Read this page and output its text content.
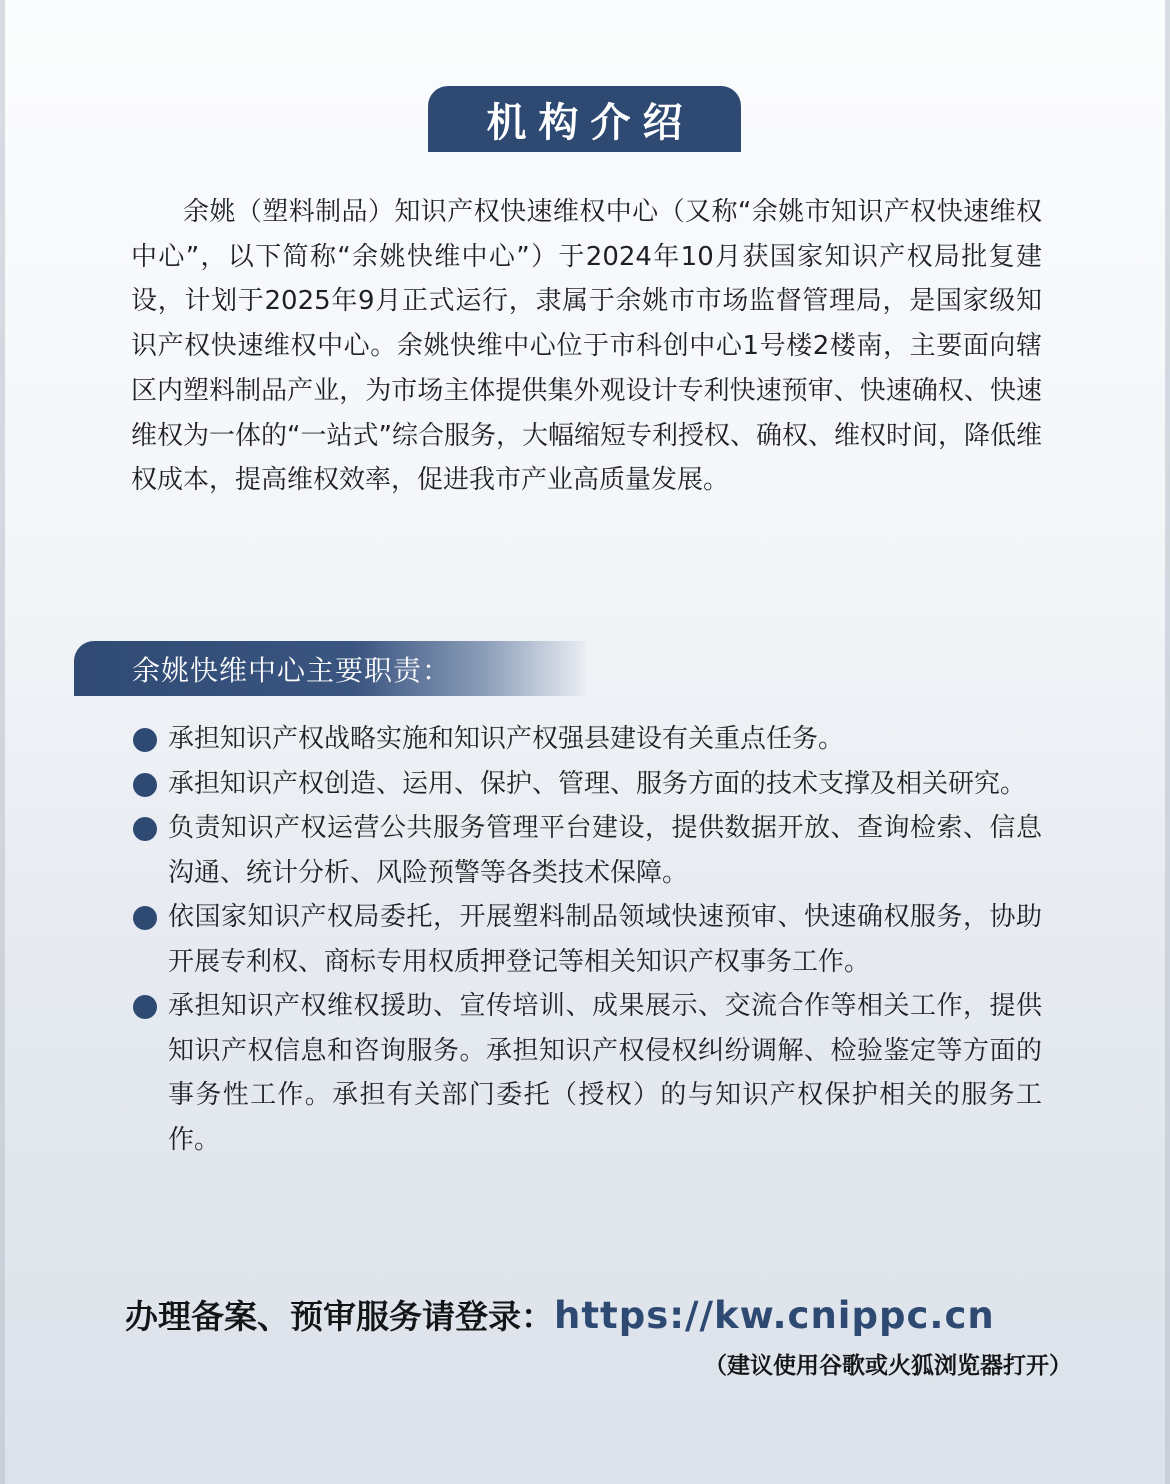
机构介绍

余姚（塑料制品）知识产权快速维权中心（又称“余姚市知识产权快速维权中心”，以下简称“余姚快维中心”）于2024年10月获国家知识产权局批复建设，计划于2025年9月正式运行，隶属于余姚市市场监督管理局，是国家级知识产权快速维权中心。余姚快维中心位于市科创中心1号楼2楼南，主要面向辖区内塑料制品产业，为市场主体提供集外观设计专利快速预审、快速确权、快速维权为一体的“一站式”综合服务，大幅缩短专利授权、确权、维权时间，降低维权成本，提高维权效率，促进我市产业高质量发展。

余姚快维中心主要职责：
承担知识产权战略实施和知识产权强县建设有关重点任务。
承担知识产权创造、运用、保护、管理、服务方面的技术支撑及相关研究。
负责知识产权运营公共服务管理平台建设，提供数据开放、查询检索、信息沟通、统计分析、风险预警等各类技术保障。
依国家知识产权局委托，开展塑料制品领域快速预审、快速确权服务，协助开展专利权、商标专用权质押登记等相关知识产权事务工作。
承担知识产权维权援助、宣传培训、成果展示、交流合作等相关工作，提供知识产权信息和咨询服务。承担知识产权侵权纠纷调解、检验鉴定等方面的事务性工作。承担有关部门委托（授权）的与知识产权保护相关的服务工作。
办理备案、预审服务请登录：https://kw.cnippc.cn
（建议使用谷歌或火狐浏览器打开）
